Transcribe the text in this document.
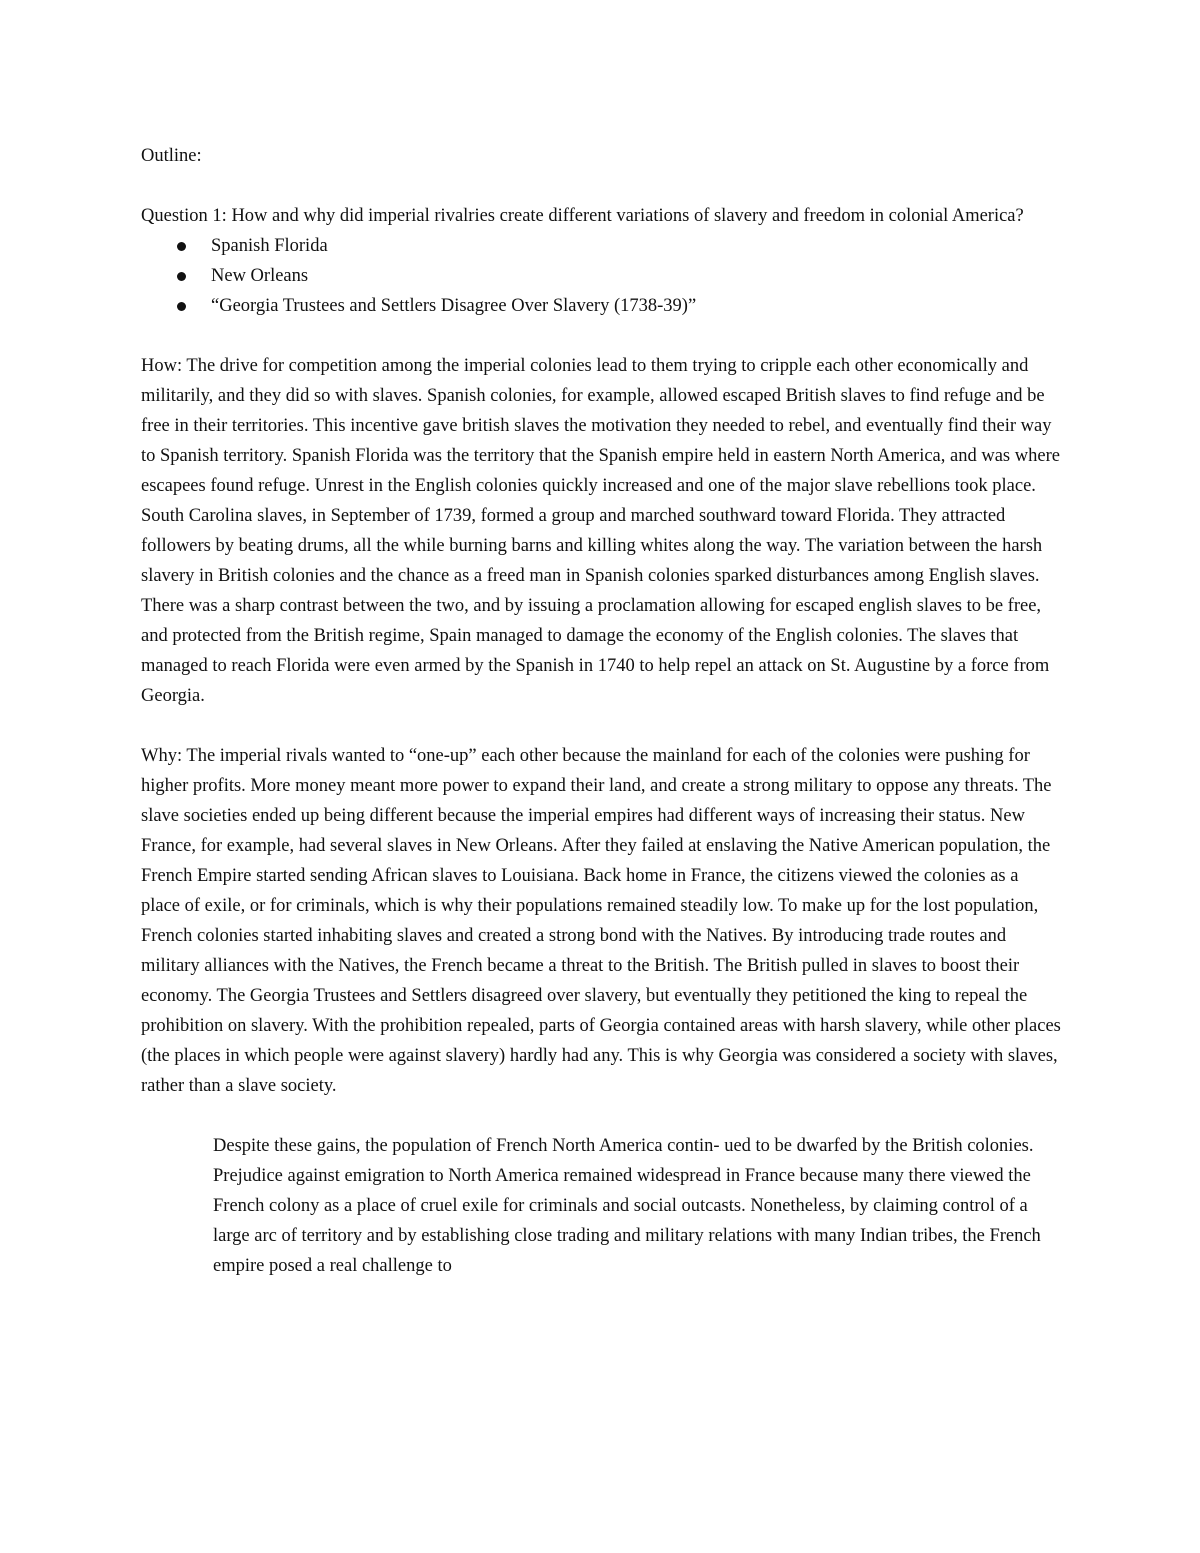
Outline:

Question 1: How and why did imperial rivalries create different variations of slavery and freedom in colonial America?

Spanish Florida
New Orleans
“Georgia Trustees and Settlers Disagree Over Slavery (1738-39)”

How: The drive for competition among the imperial colonies lead to them trying to cripple each other economically and militarily, and they did so with slaves. Spanish colonies, for example, allowed escaped British slaves to find refuge and be free in their territories. This incentive gave british slaves the motivation they needed to rebel, and eventually find their way to Spanish territory. Spanish Florida was the territory that the Spanish empire held in eastern North America, and was where escapees found refuge. Unrest in the English colonies quickly increased and one of the major slave rebellions took place. South Carolina slaves, in September of 1739, formed a group and marched southward toward Florida. They attracted followers by beating drums, all the while burning barns and killing whites along the way. The variation between the harsh slavery in British colonies and the chance as a freed man in Spanish colonies sparked disturbances among English slaves. There was a sharp contrast between the two, and by issuing a proclamation allowing for escaped english slaves to be free, and protected from the British regime, Spain managed to damage the economy of the English colonies. The slaves that managed to reach Florida were even armed by the Spanish in 1740 to help repel an attack on St. Augustine by a force from Georgia.

Why: The imperial rivals wanted to “one-up” each other because the mainland for each of the colonies were pushing for higher profits. More money meant more power to expand their land, and create a strong military to oppose any threats. The slave societies ended up being different because the imperial empires had different ways of increasing their status. New France, for example, had several slaves in New Orleans. After they failed at enslaving the Native American population, the French Empire started sending African slaves to Louisiana. Back home in France, the citizens viewed the colonies as a place of exile, or for criminals, which is why their populations remained steadily low. To make up for the lost population, French colonies started inhabiting slaves and created a strong bond with the Natives. By introducing trade routes and military alliances with the Natives, the French became a threat to the British. The British pulled in slaves to boost their economy. The Georgia Trustees and Settlers disagreed over slavery, but eventually they petitioned the king to repeal the prohibition on slavery. With the prohibition repealed, parts of Georgia contained areas with harsh slavery, while other places (the places in which people were against slavery) hardly had any. This is why Georgia was considered a society with slaves, rather than a slave society.

Despite these gains, the population of French North America contin- ued to be dwarfed by the British colonies. Prejudice against emigration to North America remained widespread in France because many there viewed the French colony as a place of cruel exile for criminals and social outcasts. Nonetheless, by claiming control of a large arc of territory and by establishing close trading and military relations with many Indian tribes, the French empire posed a real challenge to
